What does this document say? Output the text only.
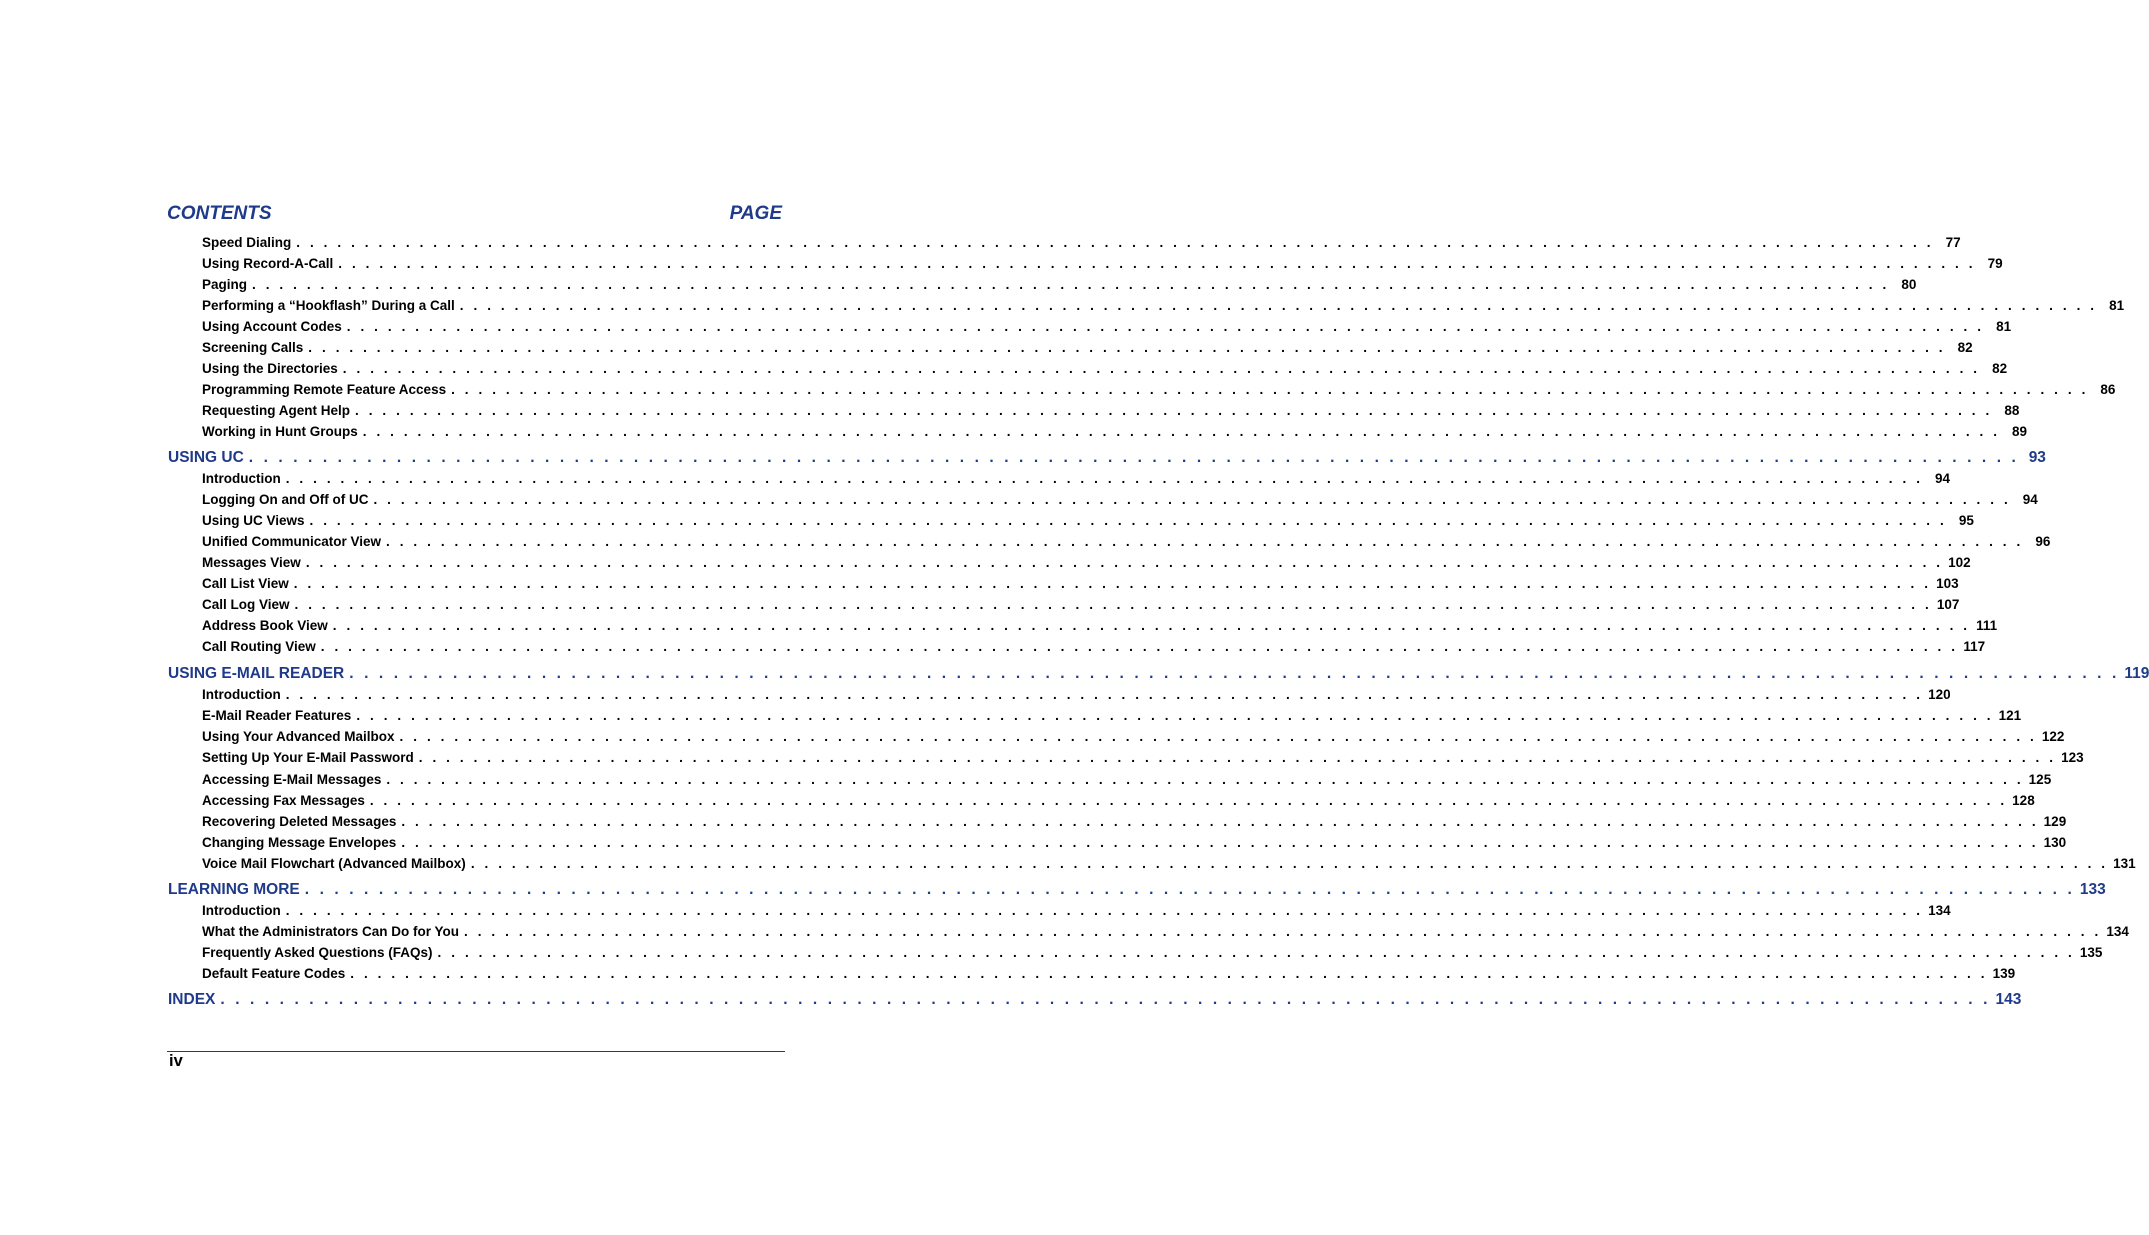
CONTENTS	PAGE
Speed Dialing . . . . . . . . . . . . . . . . . . . . . . . . . . . . . . . . . . . . . . . . . . . . . . . . . . . . . . . . . . . . . . . . . . . . . . . . . . . . . . . . . . . . . . . . . . . . . . . . . . . . . . . . . . . . . . . . . . . . . . . . 77
Using Record-A-Call . . . . . . . . . . . . . . . . . . . . . . . . . . . . . . . . . . . . . . . . . . . . . . . . . . . . . . . . . . . . . . . . . . . . . . . . . . . . . . . . . . . . . . . . . . . . . . . . . . . . . . . . . . . . . . . . . . . . . . . . 79
Paging . . . . . . . . . . . . . . . . . . . . . . . . . . . . . . . . . . . . . . . . . . . . . . . . . . . . . . . . . . . . . . . . . . . . . . . . . . . . . . . . . . . . . . . . . . . . . . . . . . . . . . . . . . . . . . . . . . . . . . . . 80
Performing a “Hookflash” During a Call . . . . . . . . . . . . . . . . . . . . . . . . . . . . . . . . . . . . . . . . . . . . . . . . . . . . . . . . . . . . . . . . . . . . . . . . . . . . . . . . . . . . . . . . . . . . . . . . . . . . . . . . . . . . . . . . . . . . . . . . 81
Using Account Codes . . . . . . . . . . . . . . . . . . . . . . . . . . . . . . . . . . . . . . . . . . . . . . . . . . . . . . . . . . . . . . . . . . . . . . . . . . . . . . . . . . . . . . . . . . . . . . . . . . . . . . . . . . . . . . . . . . . . . . . . 81
Screening Calls . . . . . . . . . . . . . . . . . . . . . . . . . . . . . . . . . . . . . . . . . . . . . . . . . . . . . . . . . . . . . . . . . . . . . . . . . . . . . . . . . . . . . . . . . . . . . . . . . . . . . . . . . . . . . . . . . . . . . . . . 82
Using the Directories . . . . . . . . . . . . . . . . . . . . . . . . . . . . . . . . . . . . . . . . . . . . . . . . . . . . . . . . . . . . . . . . . . . . . . . . . . . . . . . . . . . . . . . . . . . . . . . . . . . . . . . . . . . . . . . . . . . . . . . . 82
Programming Remote Feature Access . . . . . . . . . . . . . . . . . . . . . . . . . . . . . . . . . . . . . . . . . . . . . . . . . . . . . . . . . . . . . . . . . . . . . . . . . . . . . . . . . . . . . . . . . . . . . . . . . . . . . . . . . . . . . . . . . . . . . . . . 86
Requesting Agent Help . . . . . . . . . . . . . . . . . . . . . . . . . . . . . . . . . . . . . . . . . . . . . . . . . . . . . . . . . . . . . . . . . . . . . . . . . . . . . . . . . . . . . . . . . . . . . . . . . . . . . . . . . . . . . . . . . . . . . . . . 88
Working in Hunt Groups . . . . . . . . . . . . . . . . . . . . . . . . . . . . . . . . . . . . . . . . . . . . . . . . . . . . . . . . . . . . . . . . . . . . . . . . . . . . . . . . . . . . . . . . . . . . . . . . . . . . . . . . . . . . . . . . . . . . . . . . 89
USING UC . . . . . . . . . . . . . . . . . . . . . . . . . . . . . . . . . . . . . . . . . . . . . . . . . . . . . . . . . . . . . . . . . . . . . . . . . . . . . . . . . . . . . . . . . . . . . . . . . . . . . . . . . . . . . . . . . . . . . . . . 93
Introduction . . . . . . . . . . . . . . . . . . . . . . . . . . . . . . . . . . . . . . . . . . . . . . . . . . . . . . . . . . . . . . . . . . . . . . . . . . . . . . . . . . . . . . . . . . . . . . . . . . . . . . . . . . . . . . . . . . . . . . . . 94
Logging On and Off of UC . . . . . . . . . . . . . . . . . . . . . . . . . . . . . . . . . . . . . . . . . . . . . . . . . . . . . . . . . . . . . . . . . . . . . . . . . . . . . . . . . . . . . . . . . . . . . . . . . . . . . . . . . . . . . . . . . . . . . . . . 94
Using UC Views . . . . . . . . . . . . . . . . . . . . . . . . . . . . . . . . . . . . . . . . . . . . . . . . . . . . . . . . . . . . . . . . . . . . . . . . . . . . . . . . . . . . . . . . . . . . . . . . . . . . . . . . . . . . . . . . . . . . . . . . 95
Unified Communicator View . . . . . . . . . . . . . . . . . . . . . . . . . . . . . . . . . . . . . . . . . . . . . . . . . . . . . . . . . . . . . . . . . . . . . . . . . . . . . . . . . . . . . . . . . . . . . . . . . . . . . . . . . . . . . . . . . . . . . . . . 96
Messages View . . . . . . . . . . . . . . . . . . . . . . . . . . . . . . . . . . . . . . . . . . . . . . . . . . . . . . . . . . . . . . . . . . . . . . . . . . . . . . . . . . . . . . . . . . . . . . . . . . . . . . . . . . . . . . . . . . . . . . . . 102
Call List View . . . . . . . . . . . . . . . . . . . . . . . . . . . . . . . . . . . . . . . . . . . . . . . . . . . . . . . . . . . . . . . . . . . . . . . . . . . . . . . . . . . . . . . . . . . . . . . . . . . . . . . . . . . . . . . . . . . . . . . . 103
Call Log View . . . . . . . . . . . . . . . . . . . . . . . . . . . . . . . . . . . . . . . . . . . . . . . . . . . . . . . . . . . . . . . . . . . . . . . . . . . . . . . . . . . . . . . . . . . . . . . . . . . . . . . . . . . . . . . . . . . . . . . . 107
Address Book View . . . . . . . . . . . . . . . . . . . . . . . . . . . . . . . . . . . . . . . . . . . . . . . . . . . . . . . . . . . . . . . . . . . . . . . . . . . . . . . . . . . . . . . . . . . . . . . . . . . . . . . . . . . . . . . . . . . . . . . . 111
Call Routing View . . . . . . . . . . . . . . . . . . . . . . . . . . . . . . . . . . . . . . . . . . . . . . . . . . . . . . . . . . . . . . . . . . . . . . . . . . . . . . . . . . . . . . . . . . . . . . . . . . . . . . . . . . . . . . . . . . . . . . . . 117
USING E-MAIL READER . . . . . . . . . . . . . . . . . . . . . . . . . . . . . . . . . . . . . . . . . . . . . . . . . . . . . . . . . . . . . . . . . . . . . . . . . . . . . . . . . . . . . . . . . . . . . . . . . . . . . . . . . . . . . . . . . . . . . . . . 119
Introduction . . . . . . . . . . . . . . . . . . . . . . . . . . . . . . . . . . . . . . . . . . . . . . . . . . . . . . . . . . . . . . . . . . . . . . . . . . . . . . . . . . . . . . . . . . . . . . . . . . . . . . . . . . . . . . . . . . . . . . . . 120
E-Mail Reader Features . . . . . . . . . . . . . . . . . . . . . . . . . . . . . . . . . . . . . . . . . . . . . . . . . . . . . . . . . . . . . . . . . . . . . . . . . . . . . . . . . . . . . . . . . . . . . . . . . . . . . . . . . . . . . . . . . . . . . . . . 121
Using Your Advanced Mailbox . . . . . . . . . . . . . . . . . . . . . . . . . . . . . . . . . . . . . . . . . . . . . . . . . . . . . . . . . . . . . . . . . . . . . . . . . . . . . . . . . . . . . . . . . . . . . . . . . . . . . . . . . . . . . . . . . . . . . . . . 122
Setting Up Your E-Mail Password . . . . . . . . . . . . . . . . . . . . . . . . . . . . . . . . . . . . . . . . . . . . . . . . . . . . . . . . . . . . . . . . . . . . . . . . . . . . . . . . . . . . . . . . . . . . . . . . . . . . . . . . . . . . . . . . . . . . . . . . 123
Accessing E-Mail Messages . . . . . . . . . . . . . . . . . . . . . . . . . . . . . . . . . . . . . . . . . . . . . . . . . . . . . . . . . . . . . . . . . . . . . . . . . . . . . . . . . . . . . . . . . . . . . . . . . . . . . . . . . . . . . . . . . . . . . . . . 125
Accessing Fax Messages . . . . . . . . . . . . . . . . . . . . . . . . . . . . . . . . . . . . . . . . . . . . . . . . . . . . . . . . . . . . . . . . . . . . . . . . . . . . . . . . . . . . . . . . . . . . . . . . . . . . . . . . . . . . . . . . . . . . . . . . 128
Recovering Deleted Messages . . . . . . . . . . . . . . . . . . . . . . . . . . . . . . . . . . . . . . . . . . . . . . . . . . . . . . . . . . . . . . . . . . . . . . . . . . . . . . . . . . . . . . . . . . . . . . . . . . . . . . . . . . . . . . . . . . . . . . . . 129
Changing Message Envelopes . . . . . . . . . . . . . . . . . . . . . . . . . . . . . . . . . . . . . . . . . . . . . . . . . . . . . . . . . . . . . . . . . . . . . . . . . . . . . . . . . . . . . . . . . . . . . . . . . . . . . . . . . . . . . . . . . . . . . . . . 130
Voice Mail Flowchart (Advanced Mailbox) . . . . . . . . . . . . . . . . . . . . . . . . . . . . . . . . . . . . . . . . . . . . . . . . . . . . . . . . . . . . . . . . . . . . . . . . . . . . . . . . . . . . . . . . . . . . . . . . . . . . . . . . . . . . . . . . . . . . . . . . 131
LEARNING MORE . . . . . . . . . . . . . . . . . . . . . . . . . . . . . . . . . . . . . . . . . . . . . . . . . . . . . . . . . . . . . . . . . . . . . . . . . . . . . . . . . . . . . . . . . . . . . . . . . . . . . . . . . . . . . . . . . . . . . . . . 133
Introduction . . . . . . . . . . . . . . . . . . . . . . . . . . . . . . . . . . . . . . . . . . . . . . . . . . . . . . . . . . . . . . . . . . . . . . . . . . . . . . . . . . . . . . . . . . . . . . . . . . . . . . . . . . . . . . . . . . . . . . . . 134
What the Administrators Can Do for You . . . . . . . . . . . . . . . . . . . . . . . . . . . . . . . . . . . . . . . . . . . . . . . . . . . . . . . . . . . . . . . . . . . . . . . . . . . . . . . . . . . . . . . . . . . . . . . . . . . . . . . . . . . . . . . . . . . . . . . . 134
Frequently Asked Questions (FAQs) . . . . . . . . . . . . . . . . . . . . . . . . . . . . . . . . . . . . . . . . . . . . . . . . . . . . . . . . . . . . . . . . . . . . . . . . . . . . . . . . . . . . . . . . . . . . . . . . . . . . . . . . . . . . . . . . . . . . . . . . 135
Default Feature Codes . . . . . . . . . . . . . . . . . . . . . . . . . . . . . . . . . . . . . . . . . . . . . . . . . . . . . . . . . . . . . . . . . . . . . . . . . . . . . . . . . . . . . . . . . . . . . . . . . . . . . . . . . . . . . . . . . . . . . . . . 139
INDEX . . . . . . . . . . . . . . . . . . . . . . . . . . . . . . . . . . . . . . . . . . . . . . . . . . . . . . . . . . . . . . . . . . . . . . . . . . . . . . . . . . . . . . . . . . . . . . . . . . . . . . . . . . . . . . . . . . . . . . . . 143
iv
